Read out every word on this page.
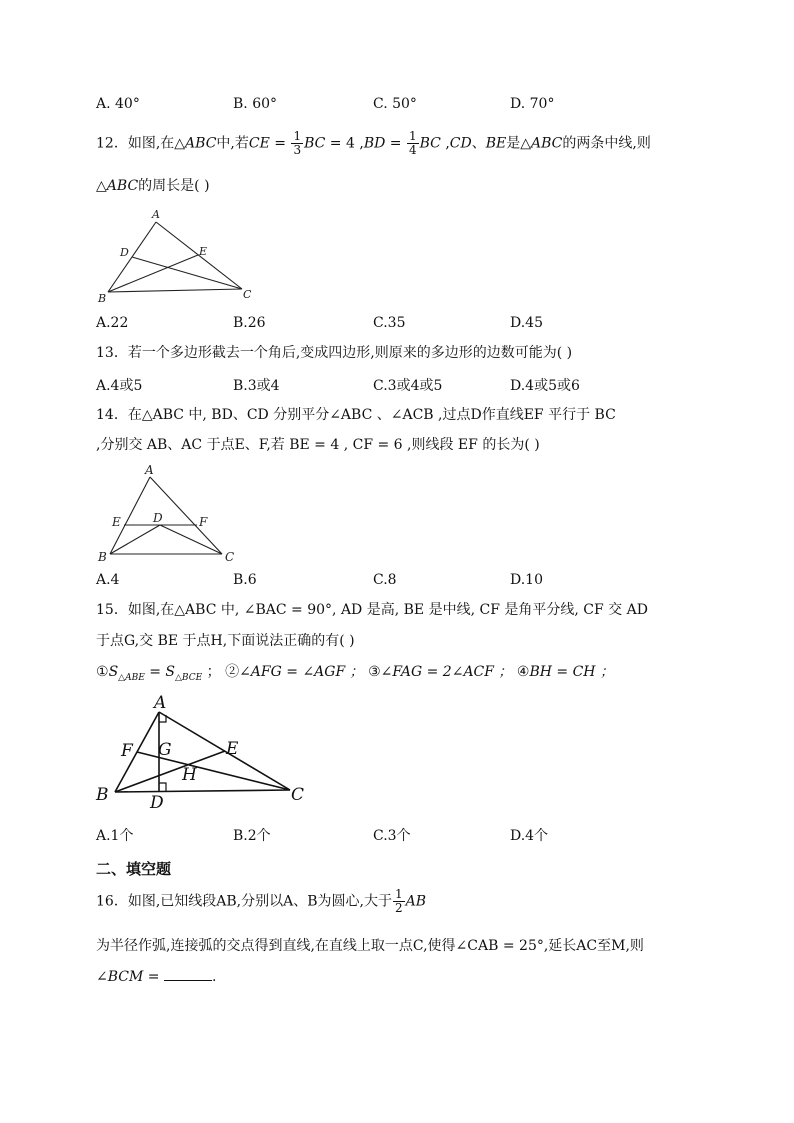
A. 40°	B. 60°	C. 50°	D. 70°
12．如图,在△ABC中,若CE = $\frac{1}{3}$ BC = 4 $,BD = \frac{1}{4}$ BC ,CD、BE是△ABC的两条中线,则
△ABC的周长是( )
A
D	E
B	C
A.22	B.26	C.35	D.45
13．若一个多边形截去一个角后,变成四边形,则原来的多边形的边数可能为( )
A.4或5	B.3或4	C.3或4或5	D.4或5或6
14．在△ABC 中, BD、CD 分别平分∠ABC 、∠ACB ,过点D作直线EF 平行于 BC
,分别交 AB、AC 于点E、F,若 BE = 4 , CF = 6 ,则线段 EF 的长为( )
A
E	D	F
B	C
A.4	B.6	C.8	D.10
15．如图,在△ABC 中, ∠BAC = 90°, AD 是高, BE 是中线, CF 是角平分线, CF 交 AD
于点G,交 BE 于点H,下面说法正确的有( )
$①S_{\triangle ABE} = S_{\triangle BCE}$ ； ②∠AFG = ∠AGF ； ③∠FAG = 2∠ACF ； ④BH = CH ；
A
F G	E
H
B D	C
A.1个	B.2个	C.3个	D.4个
二、填空题
16．如图,已知线段AB,分别以A、B为圆心,大于 $\frac{1}{2}$ AB
为半径作弧,连接弧的交点得到直线,在直线上取一点C,使得∠CAB = 25°,延长AC至M,则
∠BCM =	.
